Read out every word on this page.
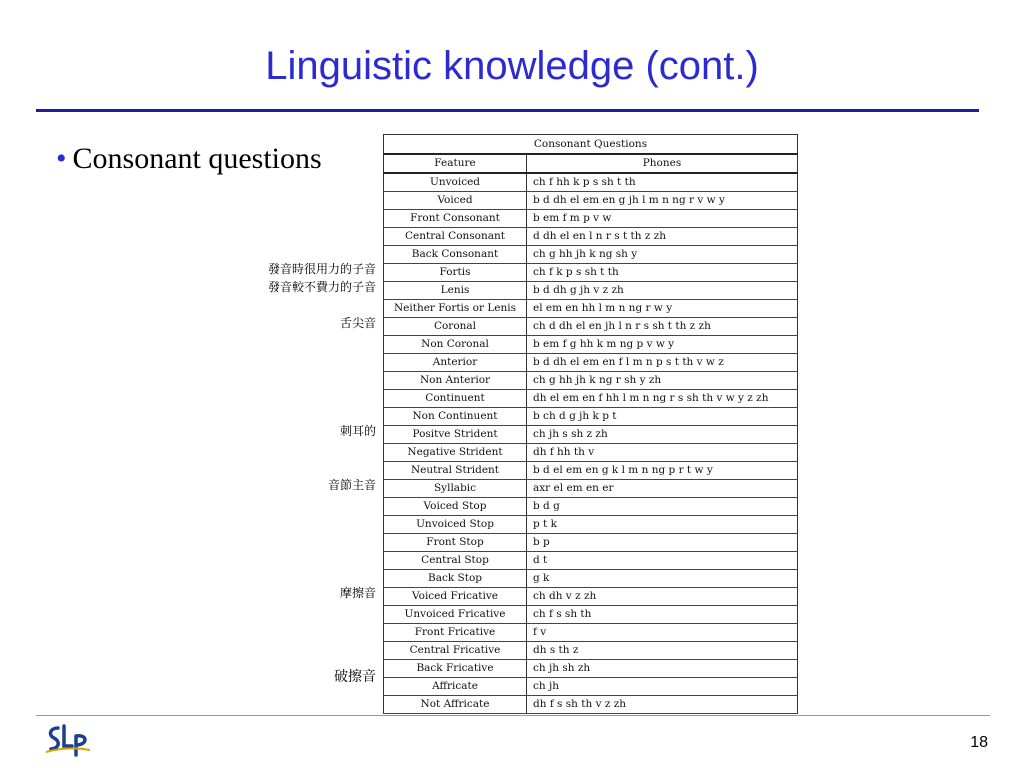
Linguistic knowledge (cont.)
• Consonant questions
發音時很用力的子音
發音較不費力的子音
舌尖音
刺耳的
音節主音
摩擦音
破擦音
Consonant Questions	
Feature	Phones
Unvoiced	ch f hh k p s sh t th
Voiced	b d dh el em en g jh l m n ng r v w y
Front Consonant	b em f m p v w
Central Consonant	d dh el en l n r s t th z zh
Back Consonant	ch g hh jh k ng sh y
Fortis	ch f k p s sh t th
Lenis	b d dh g jh v z zh
Neither Fortis or Lenis	el em en hh l m n ng r w y
Coronal	ch d dh el en jh l n r s sh t th z zh
Non Coronal	b em f g hh k m ng p v w y
Anterior	b d dh el em en f l m n p s t th v w z
Non Anterior	ch g hh jh k ng r sh y zh
Continuent	dh el em en f hh l m n ng r s sh th v w y z zh
Non Continuent	b ch d g jh k p t
Positve Strident	ch jh s sh z zh
Negative Strident	dh f hh th v
Neutral Strident	b d el em en g k l m n ng p r t w y
Syllabic	axr el em en er
Voiced Stop	b d g
Unvoiced Stop	p t k
Front Stop	b p
Central Stop	d t
Back Stop	g k
Voiced Fricative	ch dh v z zh
Unvoiced Fricative	ch f s sh th
Front Fricative	f v
Central Fricative	dh s th z
Back Fricative	ch jh sh zh
Affricate	ch jh
Not Affricate	dh f s sh th v z zh
18
